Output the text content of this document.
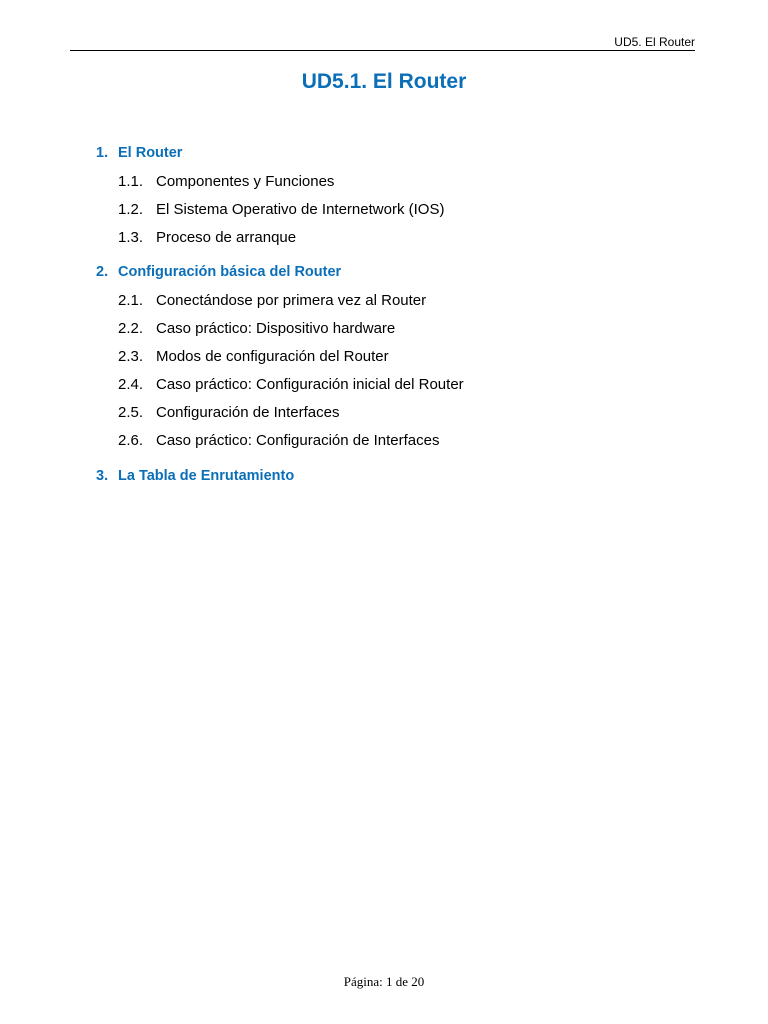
UD5. El Router
UD5.1. El Router
1. El Router
1.1. Componentes y Funciones
1.2. El Sistema Operativo de Internetwork (IOS)
1.3. Proceso de arranque
2. Configuración básica del Router
2.1. Conectándose por primera vez al Router
2.2. Caso práctico: Dispositivo hardware
2.3. Modos de configuración del Router
2.4. Caso práctico: Configuración inicial del Router
2.5. Configuración de Interfaces
2.6. Caso práctico: Configuración de Interfaces
3. La Tabla de Enrutamiento
Página: 1 de 20
